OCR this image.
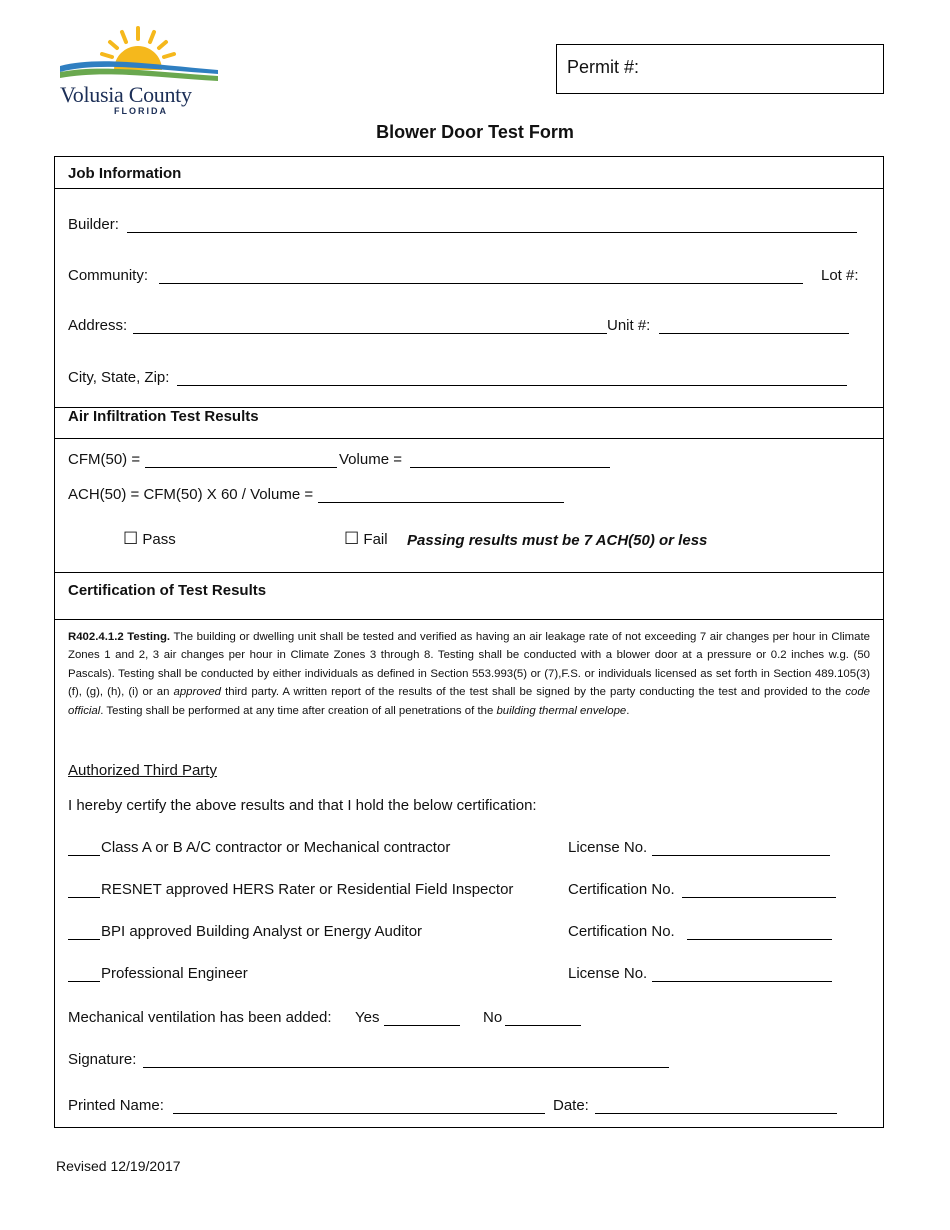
Volusia County
FLORIDA
Permit #:
Blower Door Test Form
Job Information
Builder:
Community:	Lot #:
Address:	Unit #:
City, State, Zip:
Air Infiltration Test Results
CFM(50) =	Volume =
ACH(50) = CFM(50) X 60 / Volume =
☐ Pass	☐ Fail Passing results must be 7 ACH(50) or less
Certification of Test Results
R402.4.1.2 Testing. The building or dwelling unit shall be tested and verified as having an air leakage rate of not exceeding 7 air changes per hour in Climate Zones 1 and 2, 3 air changes per hour in Climate Zones 3 through 8. Testing shall be conducted with a blower door at a pressure or 0.2 inches w.g. (50 Pascals). Testing shall be conducted by either individuals as defined in Section 553.993(5) or (7),F.S. or individuals licensed as set forth in Section 489.105(3)(f), (g), (h), (i) or an approved third party. A written report of the results of the test shall be signed by the party conducting the test and provided to the code official. Testing shall be performed at any time after creation of all penetrations of the building thermal envelope.
Authorized Third Party
I hereby certify the above results and that I hold the below certification:
Class A or B A/C contractor or Mechanical contractor	License No.
RESNET approved HERS Rater or Residential Field Inspector	Certification No.
BPI approved Building Analyst or Energy Auditor	Certification No.
Professional Engineer	License No.
Mechanical ventilation has been added: Yes	No
Signature:
Printed Name:	Date:
Revised 12/19/2017
